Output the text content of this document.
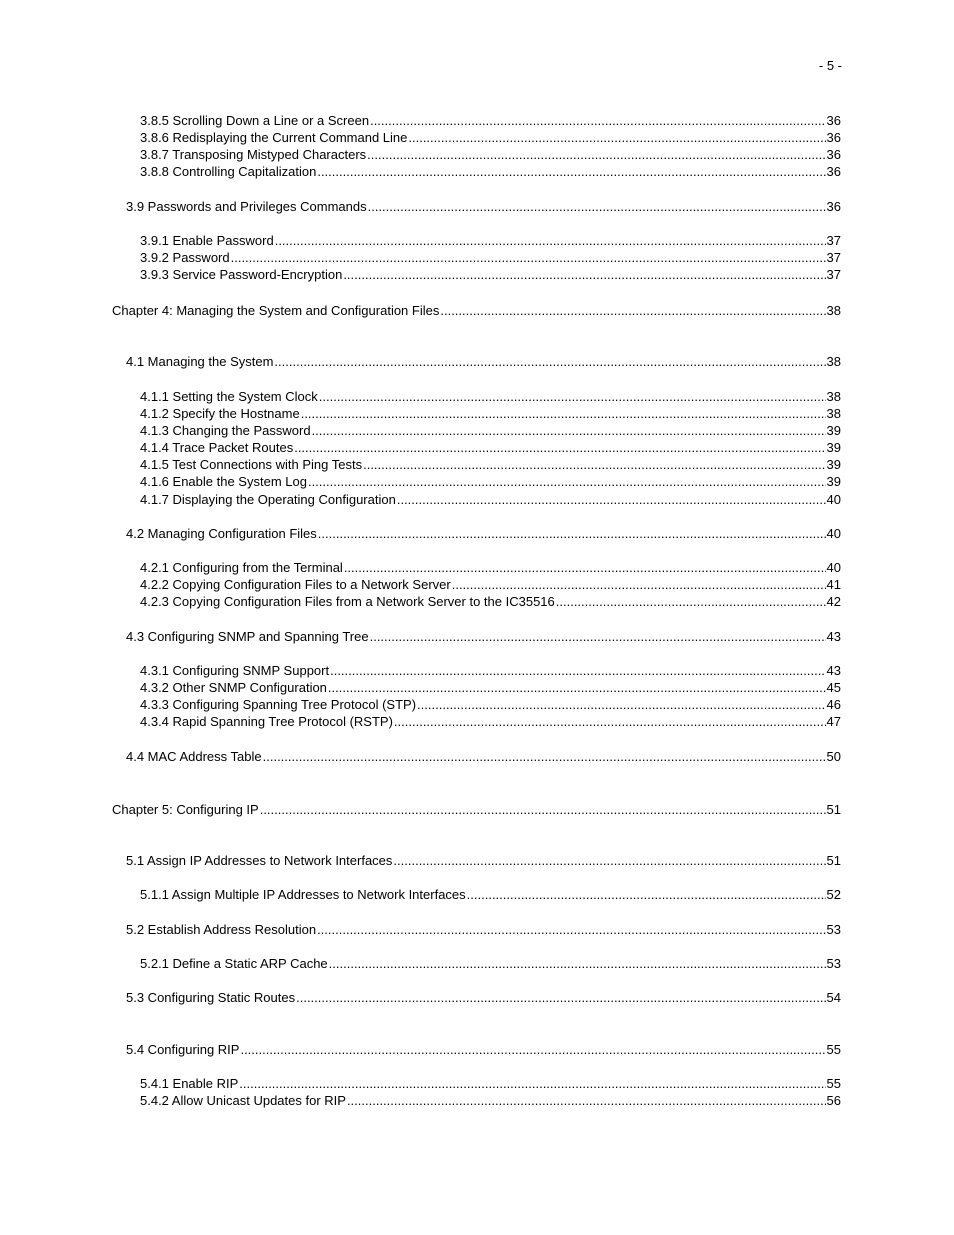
- 5 -
3.8.5 Scrolling Down a Line or a Screen .....	36
3.8.6 Redisplaying the Current Command Line .....	36
3.8.7 Transposing Mistyped Characters .....	36
3.8.8 Controlling Capitalization .....	36
3.9 Passwords and Privileges Commands .....	36
3.9.1 Enable Password .....	37
3.9.2 Password .....	37
3.9.3 Service Password-Encryption .....	37
Chapter 4: Managing the System and Configuration Files .....	38
4.1 Managing the System .....	38
4.1.1 Setting the System Clock .....	38
4.1.2 Specify the Hostname .....	38
4.1.3 Changing the Password .....	39
4.1.4 Trace Packet Routes .....	39
4.1.5 Test Connections with Ping Tests .....	39
4.1.6 Enable the System Log .....	39
4.1.7 Displaying the Operating Configuration .....	40
4.2 Managing Configuration Files .....	40
4.2.1 Configuring from the Terminal .....	40
4.2.2 Copying Configuration Files to a Network Server .....	41
4.2.3 Copying Configuration Files from a Network Server to the IC35516 .....	42
4.3 Configuring SNMP and Spanning Tree .....	43
4.3.1 Configuring SNMP Support .....	43
4.3.2 Other SNMP Configuration .....	45
4.3.3 Configuring Spanning Tree Protocol (STP) .....	46
4.3.4 Rapid Spanning Tree Protocol (RSTP) .....	47
4.4 MAC Address Table .....	50
Chapter 5: Configuring IP .....	51
5.1 Assign IP Addresses to Network Interfaces .....	51
5.1.1 Assign Multiple IP Addresses to Network Interfaces .....	52
5.2 Establish Address Resolution .....	53
5.2.1 Define a Static ARP Cache .....	53
5.3 Configuring Static Routes .....	54
5.4 Configuring RIP .....	55
5.4.1 Enable RIP .....	55
5.4.2 Allow Unicast Updates for RIP .....	56
